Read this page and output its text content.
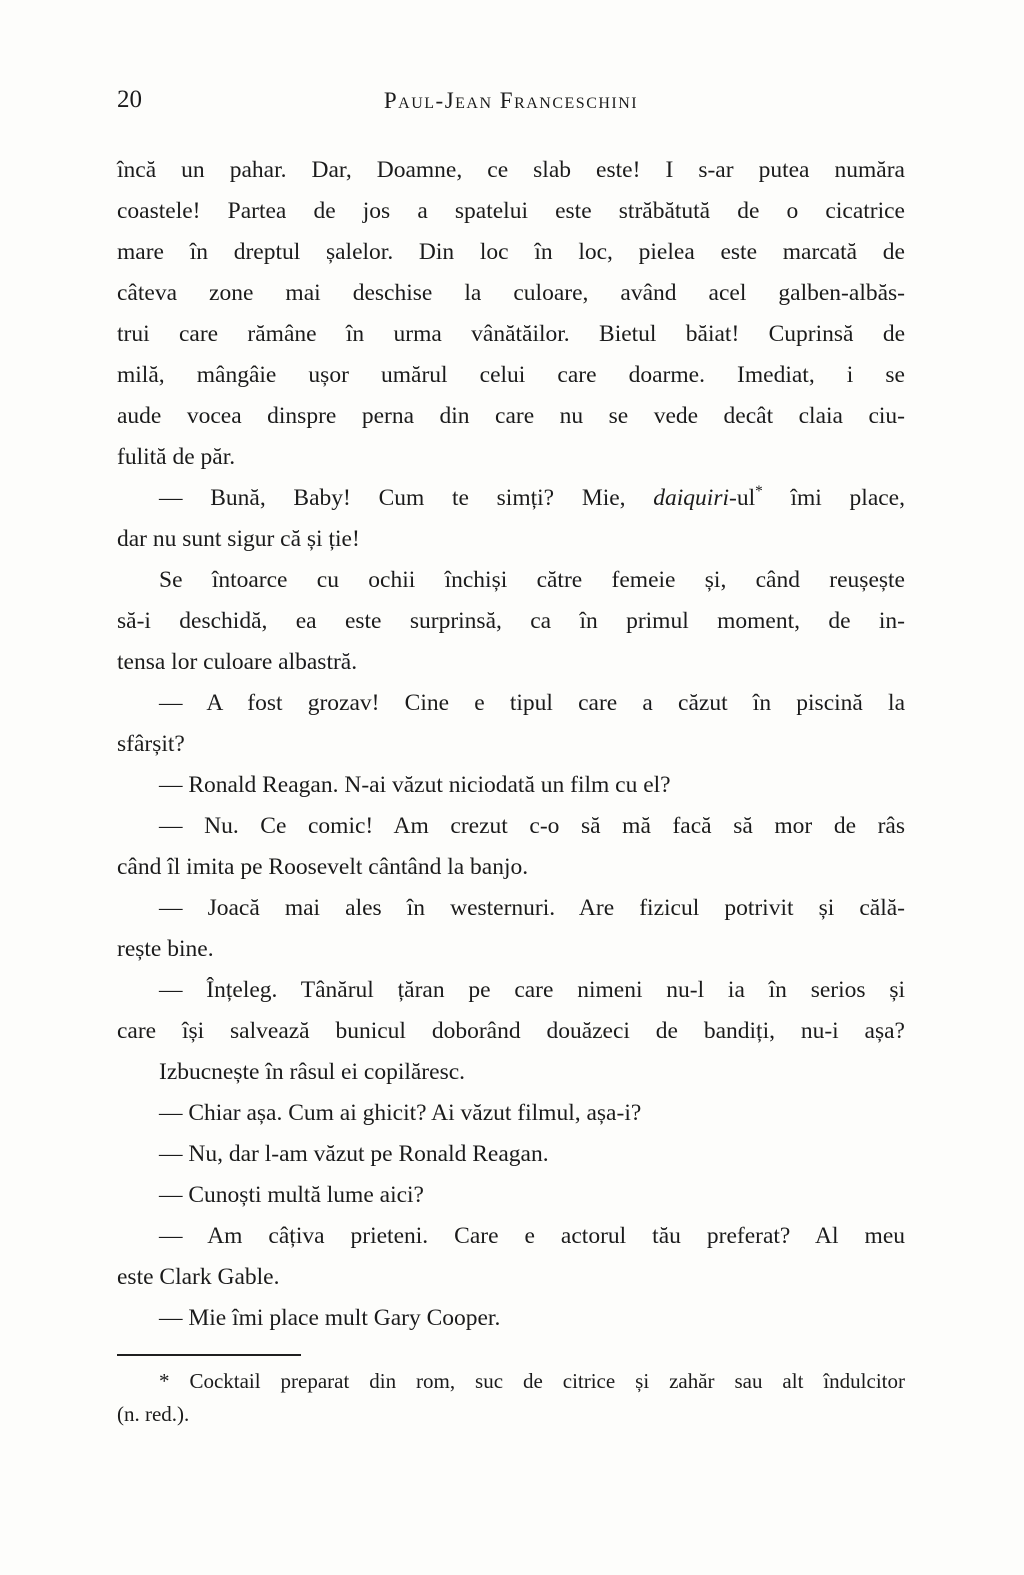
20	Paul-Jean Franceschini
încă un pahar. Dar, Doamne, ce slab este! I s-ar putea număra
coastele! Partea de jos a spatelui este străbătută de o cicatrice
mare în dreptul șalelor. Din loc în loc, pielea este marcată de
câteva zone mai deschise la culoare, având acel galben-albăs-
trui care rămâne în urma vânătăilor. Bietul băiat! Cuprinsă de
milă, mângâie ușor umărul celui care doarme. Imediat, i se
aude vocea dinspre perna din care nu se vede decât claia ciu-
fulită de păr.
— Bună, Baby! Cum te simți? Mie, daiquiri-ul* îmi place,
dar nu sunt sigur că și ție!
Se întoarce cu ochii închiși către femeie și, când reușește
să-i deschidă, ea este surprinsă, ca în primul moment, de in-
tensa lor culoare albastră.
— A fost grozav! Cine e tipul care a căzut în piscină la
sfârșit?
— Ronald Reagan. N-ai văzut niciodată un film cu el?
— Nu. Ce comic! Am crezut c-o să mă facă să mor de râs
când îl imita pe Roosevelt cântând la banjo.
— Joacă mai ales în westernuri. Are fizicul potrivit și călă-
rește bine.
— Înțeleg. Tânărul țăran pe care nimeni nu-l ia în serios și
care își salvează bunicul doborând douăzeci de bandiți, nu-i așa?
Izbucnește în râsul ei copilăresc.
— Chiar așa. Cum ai ghicit? Ai văzut filmul, așa-i?
— Nu, dar l-am văzut pe Ronald Reagan.
— Cunoști multă lume aici?
— Am câțiva prieteni. Care e actorul tău preferat? Al meu
este Clark Gable.
— Mie îmi place mult Gary Cooper.
* Cocktail preparat din rom, suc de citrice și zahăr sau alt îndulcitor
(n. red.).
